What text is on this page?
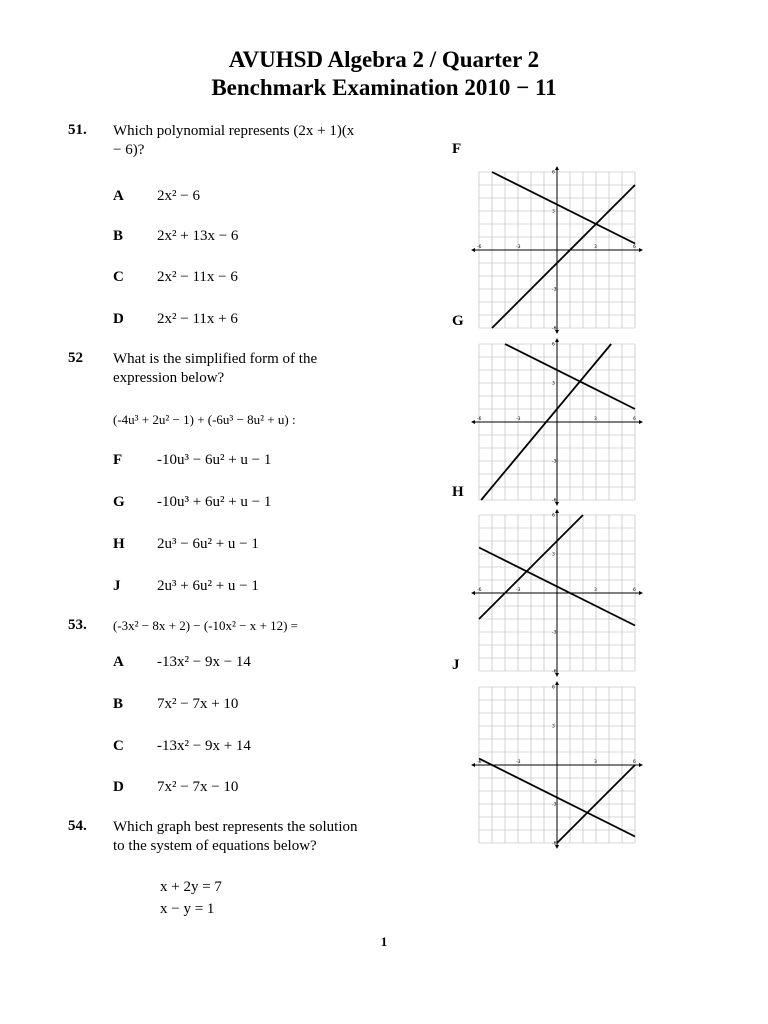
AVUHSD Algebra 2 / Quarter 2
Benchmark Examination 2010 − 11
51. Which polynomial represents (2x + 1)(x − 6)?
A 2x² − 6
B 2x² + 13x − 6
C 2x² − 11x − 6
D 2x² − 11x + 6
52 What is the simplified form of the expression below?
(-4u³ + 2u² − 1) + (-6u³ − 8u² + u) :
F -10u³ − 6u² + u − 1
G -10u³ + 6u² + u − 1
H 2u³ − 6u² + u − 1
J 2u³ + 6u² + u − 1
53. (-3x² − 8x + 2) − (-10x² − x + 12) =
A -13x² − 9x − 14
B 7x² − 7x + 10
C -13x² − 9x + 14
D 7x² − 7x − 10
54. Which graph best represents the solution to the system of equations below?
x + 2y = 7
x − y = 1
F
G
H
J
-6	-3	3	6
6
3
-3
-6
-6	-3	3	6
6
3
-3
-6
-6	-3	3	6
6
3
-3
-6
-6	-3	3	6
6
3
-3
-6
1
